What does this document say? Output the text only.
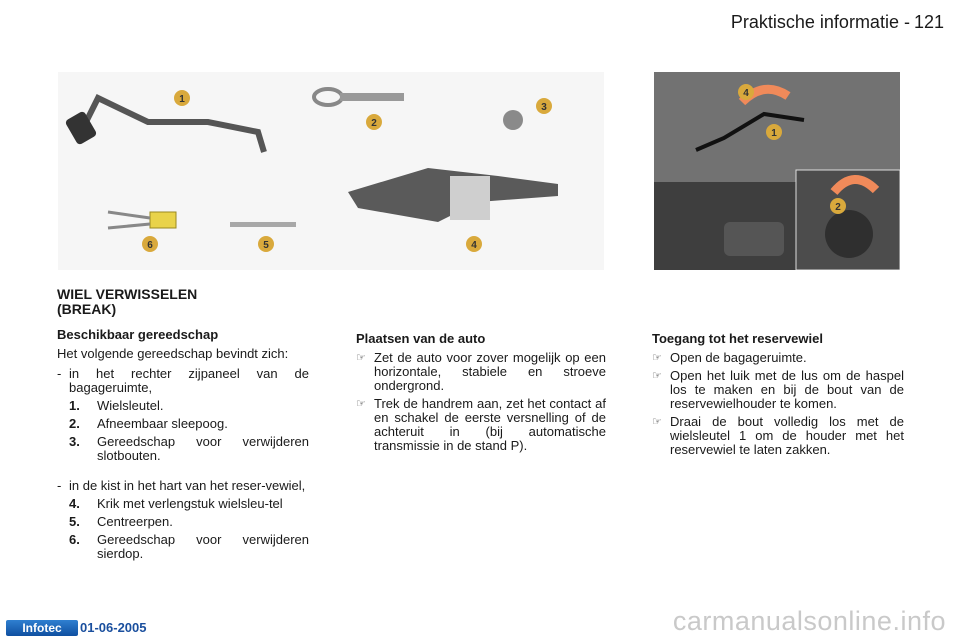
Praktische informatie - 121
1
2
3
4
5
6
4
1
2
WIEL VERWISSELEN
(BREAK)
Beschikbaar gereedschap

Het volgende gereedschap bevindt zich:

- in het rechter zijpaneel van de bagageruimte,
1.	Wielsleutel.
2.	Afneembaar sleepoog.
3.	Gereedschap voor verwijderen slotbouten.
- in de kist in het hart van het reser-vewiel,
4.	Krik met verlengstuk wielsleu-tel
5.	Centreerpen.
6.	Gereedschap voor verwijderen sierdop.
Plaatsen van de auto
☞ Zet de auto voor zover mogelijk op een horizontale, stabiele en stroeve ondergrond.
☞ Trek de handrem aan, zet het contact af en schakel de eerste versnelling of de achteruit in (bij automatische transmissie in de stand P).
Toegang tot het reservewiel
☞ Open de bagageruimte.
☞ Open het luik met de lus om de haspel los te maken en bij de bout van de reservewielhouder te komen.
☞ Draai de bout volledig los met de wielsleutel 1 om de houder met het reservewiel te laten zakken.
Infotec	01-06-2005	carmanualsonline.info
